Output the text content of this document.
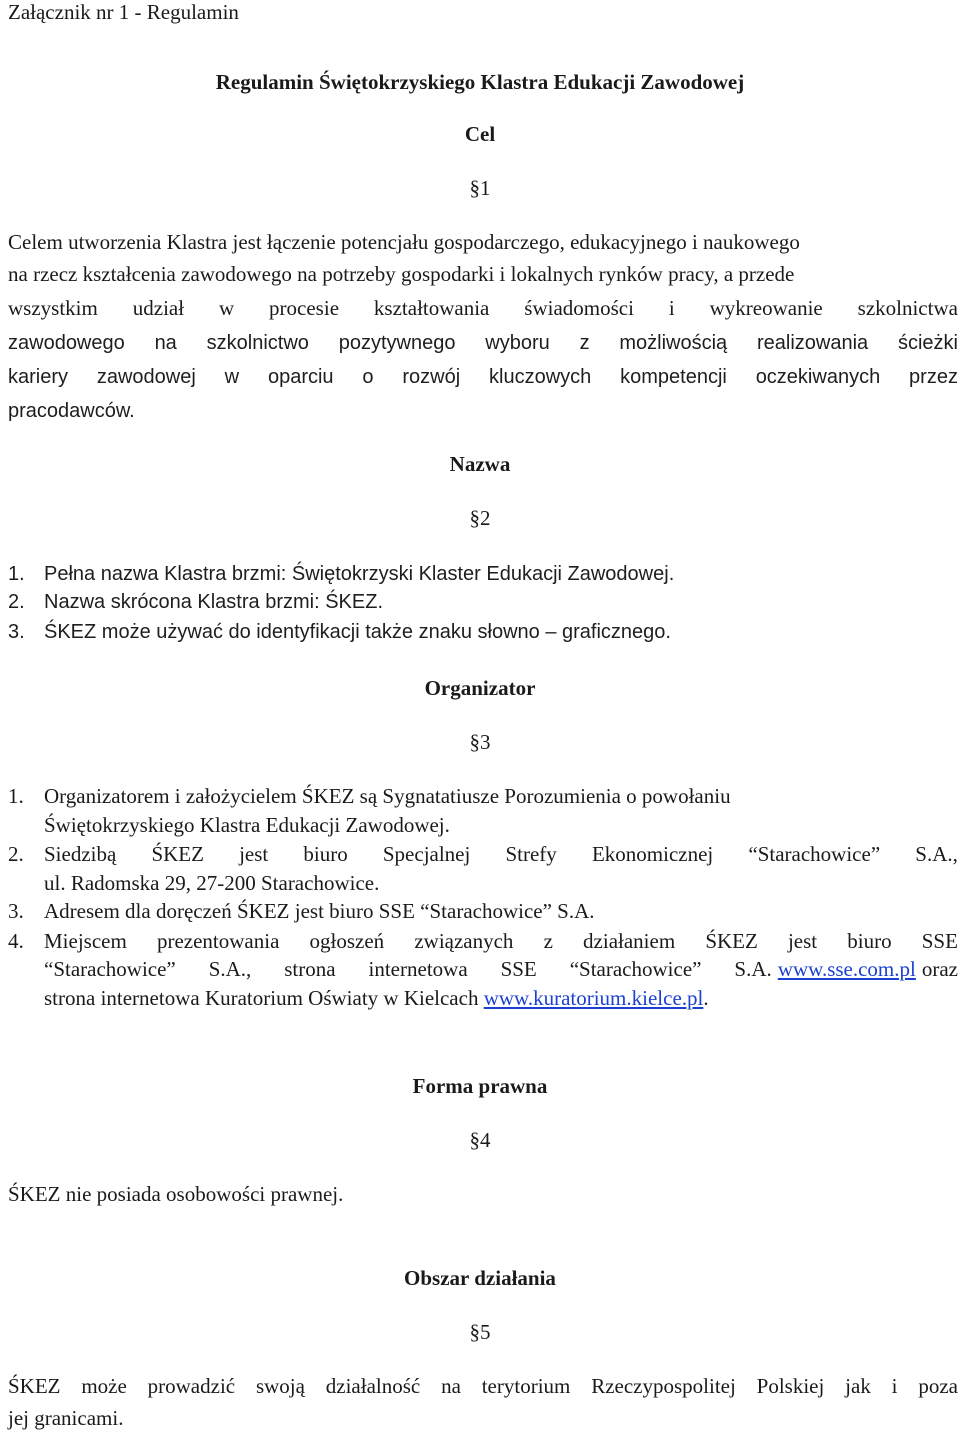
Załącznik nr 1 - Regulamin
Regulamin Świętokrzyskiego Klastra Edukacji Zawodowej
Cel
§1
Celem utworzenia Klastra jest łączenie potencjału gospodarczego, edukacyjnego i naukowego
na rzecz kształcenia zawodowego na potrzeby gospodarki i lokalnych rynków pracy, a przede
wszystkim udział w procesie kształtowania świadomości i wykreowanie szkolnictwa
zawodowego na szkolnictwo pozytywnego wyboru z możliwością realizowania ścieżki
kariery zawodowej w oparciu o rozwój kluczowych kompetencji oczekiwanych przez
pracodawców.
Nazwa
§2
1. Pełna nazwa Klastra brzmi: Świętokrzyski Klaster Edukacji Zawodowej.
2. Nazwa skrócona Klastra brzmi: ŚKEZ.
3. ŚKEZ może używać do identyfikacji także znaku słowno – graficznego.
Organizator
§3
1. Organizatorem i założycielem ŚKEZ są Sygnatatiusze Porozumienia o powołaniu
Świętokrzyskiego Klastra Edukacji Zawodowej.
2. Siedzibą ŚKEZ jest biuro Specjalnej Strefy Ekonomicznej “Starachowice” S.A.,
ul. Radomska 29, 27-200 Starachowice.
3. Adresem dla doręczeń ŚKEZ jest biuro SSE “Starachowice” S.A.
4. Miejscem prezentowania ogłoszeń związanych z działaniem ŚKEZ jest biuro SSE
“Starachowice” S.A., strona internetowa SSE “Starachowice” S.A. www.sse.com.pl oraz
strona internetowa Kuratorium Oświaty w Kielcach www.kuratorium.kielce.pl.
Forma prawna
§4
ŚKEZ nie posiada osobowości prawnej.
Obszar działania
§5
ŚKEZ może prowadzić swoją działalność na terytorium Rzeczypospolitej Polskiej jak i poza
jej granicami.
